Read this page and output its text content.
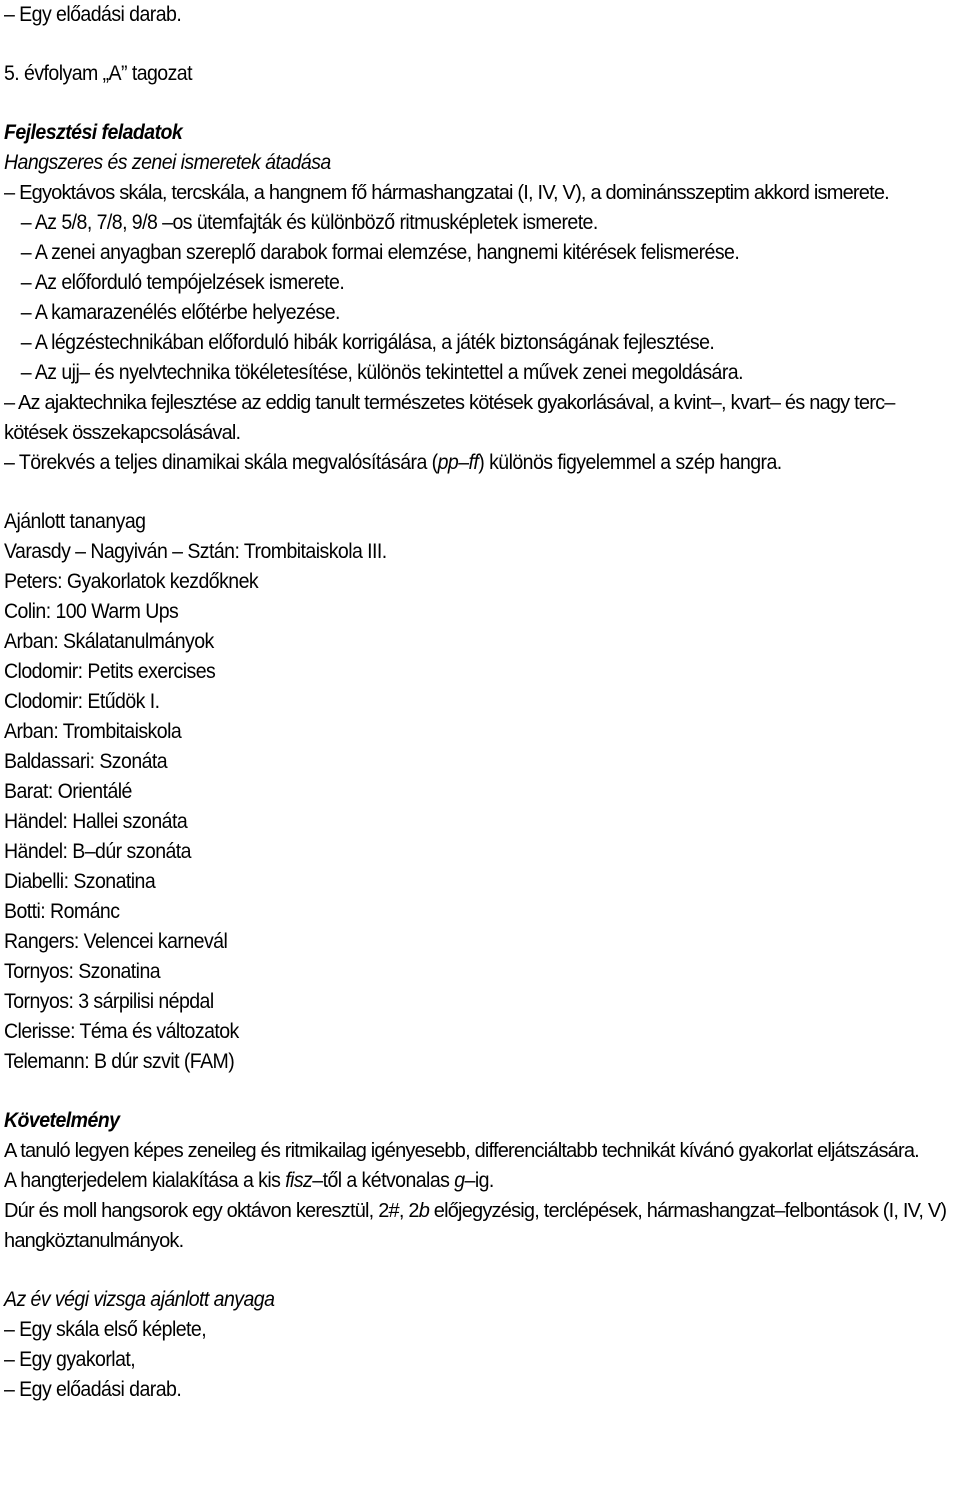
– Egy előadási darab.
5. évfolyam „A” tagozat
Fejlesztési feladatok
Hangszeres és zenei ismeretek átadása
– Egyoktávos skála, tercskála, a hangnem fő hármashangzatai (I, IV, V), a dominánsszeptim akkord ismerete.
– Az 5/8, 7/8, 9/8 –os ütemfajták és különböző ritmusképletek ismerete.
– A zenei anyagban szereplő darabok formai elemzése, hangnemi kitérések felismerése.
– Az előforduló tempójelzések ismerete.
– A kamarazenélés előtérbe helyezése.
– A légzéstechnikában előforduló hibák korrigálása, a játék biztonságának fejlesztése.
– Az ujj– és nyelvtechnika tökéletesítése, különös tekintettel a művek zenei megoldására.
– Az ajaktechnika fejlesztése az eddig tanult természetes kötések gyakorlásával, a kvint–, kvart– és nagy terc– kötések összekapcsolásával.
– Törekvés a teljes dinamikai skála megvalósítására (pp–ff) különös figyelemmel a szép hangra.
Ajánlott tananyag
Varasdy – Nagyiván – Sztán: Trombitaiskola III.
Peters: Gyakorlatok kezdőknek
Colin: 100 Warm Ups
Arban: Skálatanulmányok
Clodomir: Petits exercises
Clodomir: Etűdök I.
Arban: Trombitaiskola
Baldassari: Szonáta
Barat: Orientálé
Händel: Hallei szonáta
Händel: B–dúr szonáta
Diabelli: Szonatina
Botti: Románc
Rangers: Velencei karnevál
Tornyos: Szonatina
Tornyos: 3 sárpilisi népdal
Clerisse: Téma és változatok
Telemann: B dúr szvit (FAM)
Követelmény
A tanuló legyen képes zeneileg és ritmikailag igényesebb, differenciáltabb technikát kívánó gyakorlat eljátszására.
A hangterjedelem kialakítása a kis fisz–től a kétvonalas g–ig.
Dúr és moll hangsorok egy oktávon keresztül, 2#, 2b előjegyzésig, terclépések, hármashangzat–felbontások (I, IV, V) hangköztanulmányok.
Az év végi vizsga ajánlott anyaga
– Egy skála első képlete,
– Egy gyakorlat,
– Egy előadási darab.
